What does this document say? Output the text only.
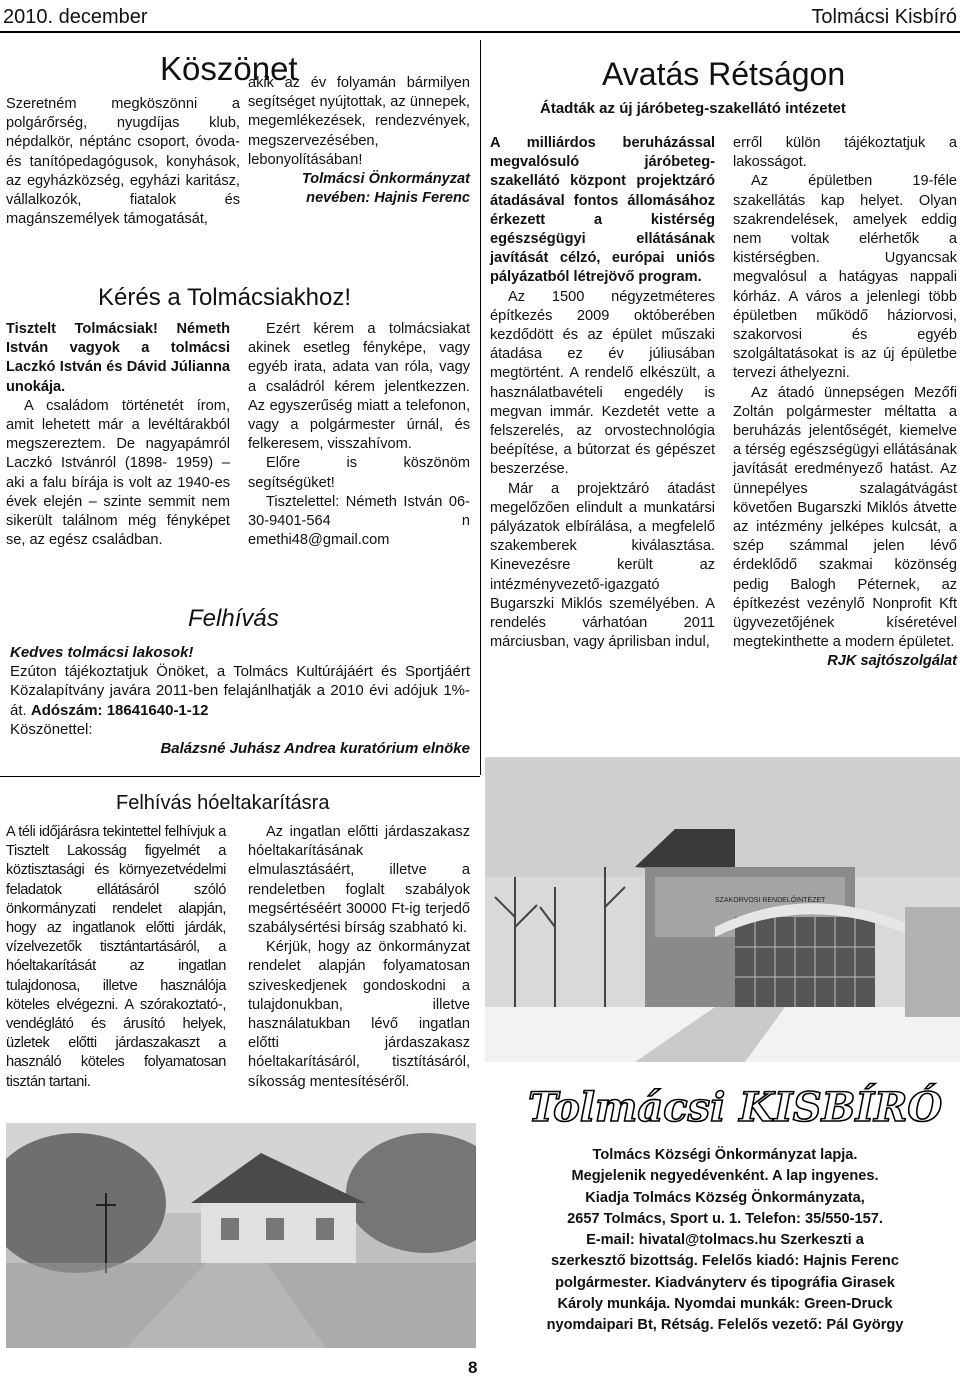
2010. december	Tolmácsi Kisbíró
Köszönet

Szeretném megköszönni a polgárőrség, nyugdíjas klub, népdalkör, néptánc csoport, óvoda- és tanítópedagógusok, konyhások, az egyházközség, egyházi karitász, vállalkozók, fiatalok és magánszemélyek támogatását,

akik az év folyamán bármilyen segítséget nyújtottak, az ünnepek, megemlékezések, rendezvények, megszervezésében, lebonyolításában!

Tolmácsi Önkormányzat

nevében: Hajnis Ferenc

Kérés a Tolmácsiakhoz!

Tisztelt Tolmácsiak! Németh István vagyok a tolmácsi Laczkó István és Dávid Júlianna unokája.

A családom történetét írom, amit lehetett már a levéltárakból megszereztem. De nagyapámról Laczkó Istvánról (1898- 1959) – aki a falu bírája is volt az 1940-es évek elején – szinte semmit nem sikerült találnom még fényképet se, az egész családban.

Ezért kérem a tolmácsiakat akinek esetleg fényképe, vagy egyéb irata, adata van róla, vagy a családról kérem jelentkezzen. Az egyszerűség miatt a telefonon, vagy a polgármester úrnál, és felkeresem, visszahívom.

Előre is köszönöm segítségüket!

Tisztelettel: Németh István 06-30-9401-564 n emethi48@gmail.com

Felhívás

Kedves tolmácsi lakosok!

Ezúton tájékoztatjuk Önöket, a Tolmács Kultúrájáért és Sportjáért Közalapítvány javára 2011-ben felajánlhatják a 2010 évi adójuk 1%-át. Adószám: 18641640-1-12

Köszönettel:

Balázsné Juhász Andrea kuratórium elnöke

Avatás Rétságon
Átadták az új járóbeteg-szakellátó intézetet

A milliárdos beruházással megvalósuló járóbeteg-szakellátó központ projektzáró átadásával fontos állomásához érkezett a kistérség egészségügyi ellátásának javítását célzó, európai uniós pályázatból létrejövő program.

Az 1500 négyzetméteres építkezés 2009 októberében kezdődött és az épület műszaki átadása ez év júliusában megtörtént. A rendelő elkészült, a használatbavételi engedély is megvan immár. Kezdetét vette a felszerelés, az orvostechnológia beépítése, a bútorzat és gépészet beszerzése.

Már a projektzáró átadást megelőzően elindult a munkatársi pályázatok elbírálása, a megfelelő szakemberek kiválasztása. Kinevezésre került az intézményvezető-igazgató Bugarszki Miklós személyében. A rendelés várhatóan 2011 márciusban, vagy áprilisban indul,

erről külön tájékoztatjuk a lakosságot.

Az épületben 19-féle szakellátás kap helyet. Olyan szakrendelések, amelyek eddig nem voltak elérhetők a kistérségben. Ugyancsak megvalósul a hatágyas nappali kórház. A város a jelenlegi több épületben működő háziorvosi, szakorvosi és egyéb szolgáltatásokat is az új épületbe tervezi áthelyezni.

Az átadó ünnepségen Mezőfi Zoltán polgármester méltatta a beruházás jelentőségét, kiemelve a térség egészségügyi ellátásának javítását eredményező hatást. Az ünnepélyes szalagátvágást követően Bugarszki Miklós átvette az intézmény jelképes kulcsát, a szép számmal jelen lévő érdeklődő szakmai közönség pedig Balogh Péternek, az építkezést vezénylő Nonprofit Kft ügyvezetőjének kíséretével megtekinthette a modern épületet.

RJK sajtószolgálat

SZAKORVOSI RENDELŐINTÉZET
Felhívás hóeltakarításra

A téli időjárásra tekintettel felhívjuk a Tisztelt Lakosság figyelmét a köztisztasági és környezetvédelmi feladatok ellátásáról szóló önkormányzati rendelet alapján, hogy az ingatlanok előtti járdák, vízelvezetők tisztántartásáról, a hóeltakarítását az ingatlan tulajdonosa, illetve használója köteles elvégezni. A szórakoztató-, vendéglátó és árusító helyek, üzletek előtti járdaszakaszt a használó köteles folyamatosan tisztán tartani.

Az ingatlan előtti járdaszakasz hóeltakarításának elmulasztásáért, illetve a rendeletben foglalt szabályok megsértéséért 30000 Ft-ig terjedő szabálysértési bírság szabható ki.

Kérjük, hogy az önkormányzat rendelet alapján folyamatosan sziveskedjenek gondoskodni a tulajdonukban, illetve használatukban lévő ingatlan előtti járdaszakasz hóeltakarításáról, tisztításáról, síkosság mentesítéséről.

Tolmácsi KISBÍRÓ
Tolmács Községi Önkormányzat lapja.
Megjelenik negyedévenként. A lap ingyenes.
Kiadja Tolmács Község Önkormányzata,
2657 Tolmács, Sport u. 1. Telefon: 35/550-157.
E-mail: hivatal@tolmacs.hu Szerkeszti a
szerkesztő bizottság. Felelős kiadó: Hajnis Ferenc
polgármester. Kiadványterv és tipográfia Girasek
Károly munkája. Nyomdai munkák: Green-Druck
nyomdaipari Bt, Rétság. Felelős vezető: Pál György
8
